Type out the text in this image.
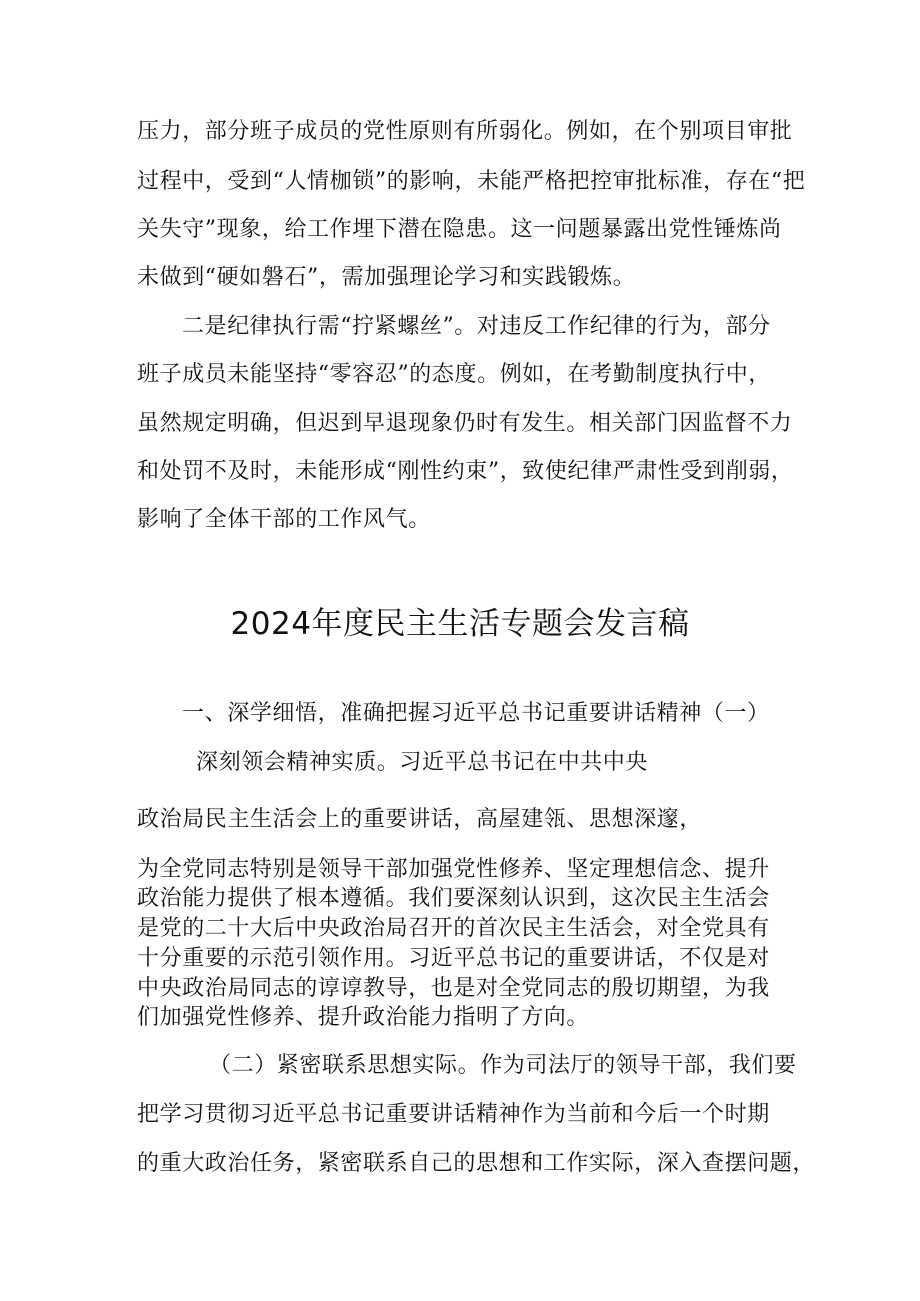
压力，部分班子成员的党性原则有所弱化。例如，在个别项目审批
过程中，受到“人情枷锁”的影响，未能严格把控审批标准，存在“把
关失守”现象，给工作埋下潜在隐患。这一问题暴露出党性锤炼尚
未做到“硬如磐石”，需加强理论学习和实践锻炼。
二是纪律执行需“拧紧螺丝”。对违反工作纪律的行为，部分
班子成员未能坚持“零容忍”的态度。例如，在考勤制度执行中，
虽然规定明确，但迟到早退现象仍时有发生。相关部门因监督不力
和处罚不及时，未能形成“刚性约束”，致使纪律严肃性受到削弱，
影响了全体干部的工作风气。
2024年度民主生活专题会发言稿
一、深学细悟，准确把握习近平总书记重要讲话精神（一）
深刻领会精神实质。习近平总书记在中共中央
政治局民主生活会上的重要讲话，高屋建瓴、思想深邃，
为全党同志特别是领导干部加强党性修养、坚定理想信念、提升
政治能力提供了根本遵循。我们要深刻认识到，这次民主生活会
是党的二十大后中央政治局召开的首次民主生活会，对全党具有
十分重要的示范引领作用。习近平总书记的重要讲话，不仅是对
中央政治局同志的谆谆教导，也是对全党同志的殷切期望，为我
们加强党性修养、提升政治能力指明了方向。
（二）紧密联系思想实际。作为司法厅的领导干部，我们要
把学习贯彻习近平总书记重要讲话精神作为当前和今后一个时期
的重大政治任务，紧密联系自己的思想和工作实际，深入查摆问题，
